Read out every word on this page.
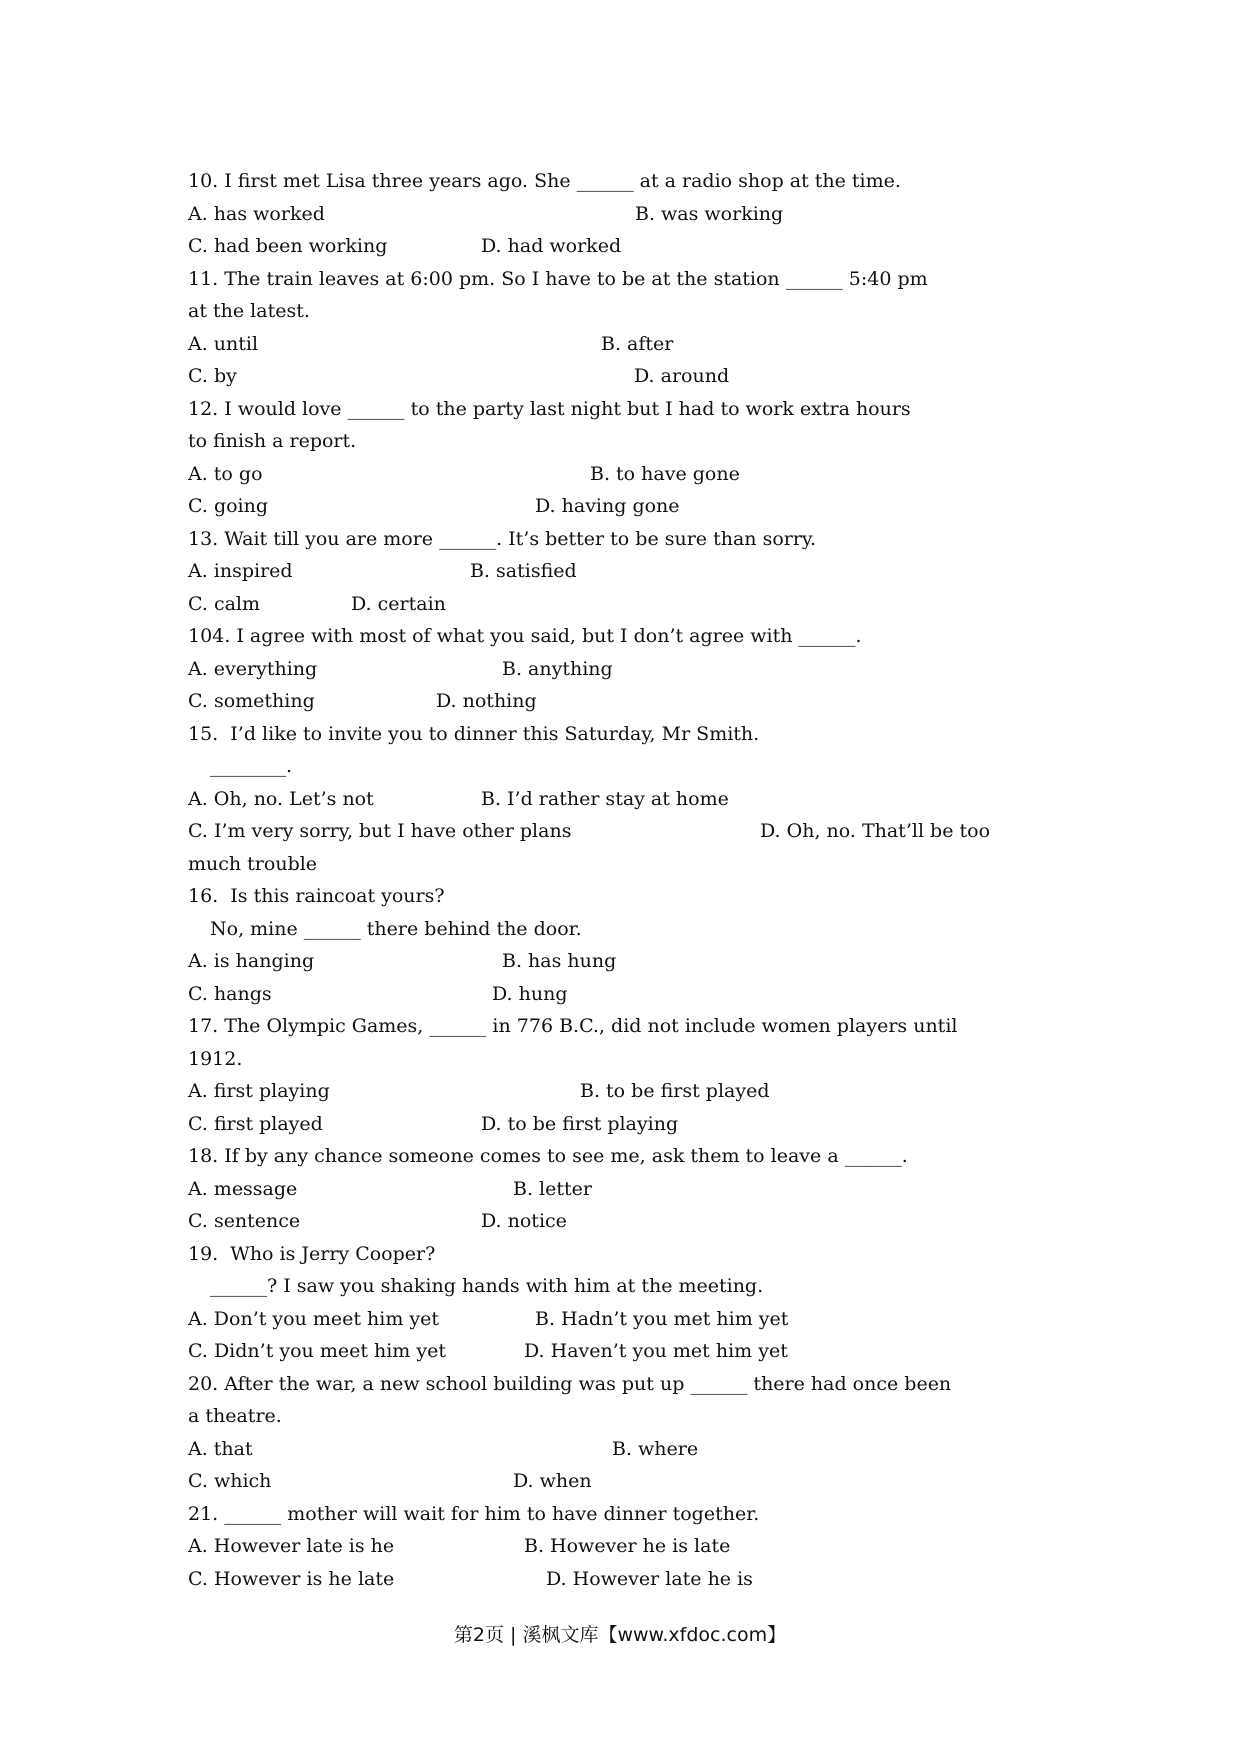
10. I first met Lisa three years ago. She ______ at a radio shop at the time.

A. has worked

	B. was working

C. had been working

	D. had worked

11. The train leaves at 6:00 pm. So I have to be at the station ______ 5:40 pm
at the latest.

A. until

	B. after

C. by

	D. around

12. I would love ______ to the party last night but I had to work extra hours
to finish a report.

A. to go

	B. to have gone

C. going

	D. having gone

13. Wait till you are more ______. It’s better to be sure than sorry.

A. inspired

	B. satisfied

C. calm

	D. certain

104. I agree with most of what you said, but I don’t agree with ______.

A. everything

	B. anything

C. something

	D. nothing

15.  I’d like to invite you to dinner this Saturday, Mr Smith.
________.

A. Oh, no. Let’s not

	B. I’d rather stay at home

C. I’m very sorry, but I have other plans

	D. Oh, no. That’ll be too

much trouble
16.  Is this raincoat yours?
No, mine ______ there behind the door.

A. is hanging

	B. has hung

C. hangs

	D. hung

17. The Olympic Games, ______ in 776 B.C., did not include women players until
1912.

A. first playing

	B. to be first played

C. first played

	D. to be first playing

18. If by any chance someone comes to see me, ask them to leave a ______.

A. message

	B. letter

C. sentence

	D. notice

19.  Who is Jerry Cooper?
______? I saw you shaking hands with him at the meeting.

A. Don’t you meet him yet

	B. Hadn’t you met him yet

C. Didn’t you meet him yet

	D. Haven’t you met him yet

20. After the war, a new school building was put up ______ there had once been
a theatre.

A. that

	B. where

C. which

	D. when

21. ______ mother will wait for him to have dinner together.

A. However late is he

	B. However he is late

C. However is he late

	D. However late he is

第2页 | 溪枫文库【www.xfdoc.com】
